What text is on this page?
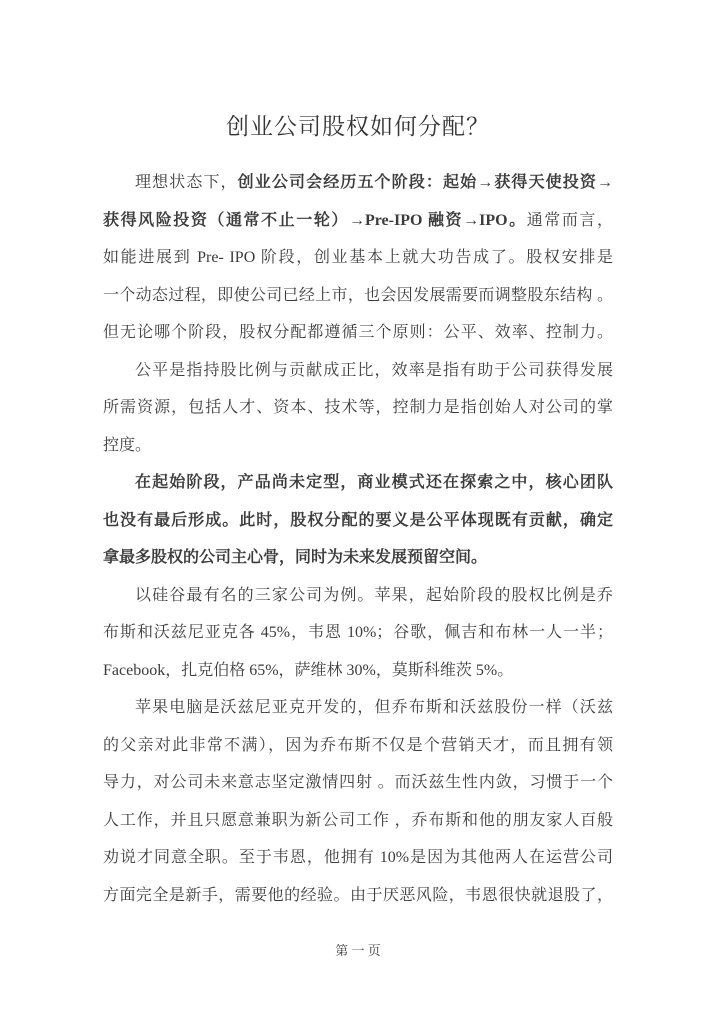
创业公司股权如何分配？
理想状态下，创业公司会经历五个阶段：起始→获得天使投资→
获得风险投资（通常不止一轮）→Pre-IPO 融资→IPO。通常而言，
如能进展到 Pre- IPO 阶段，创业基本上就大功告成了。股权安排是
一个动态过程，即使公司已经上市，也会因发展需要而调整股东结构 。
但无论哪个阶段，股权分配都遵循三个原则：公平、效率、控制力。
公平是指持股比例与贡献成正比，效率是指有助于公司获得发展
所需资源，包括人才、资本、技术等，控制力是指创始人对公司的掌
控度。
在起始阶段，产品尚未定型，商业模式还在探索之中，核心团队
也没有最后形成。此时，股权分配的要义是公平体现既有贡献，确定
拿最多股权的公司主心骨，同时为未来发展预留空间。
以硅谷最有名的三家公司为例。苹果，起始阶段的股权比例是乔
布斯和沃兹尼亚克各 45%，韦恩 10%；谷歌，佩吉和布林一人一半；
Facebook，扎克伯格 65%，萨维林 30%，莫斯科维茨 5%。
苹果电脑是沃兹尼亚克开发的，但乔布斯和沃兹股份一样（沃兹
的父亲对此非常不满），因为乔布斯不仅是个营销天才，而且拥有领
导力，对公司未来意志坚定激情四射 。而沃兹生性内敛，习惯于一个
人工作，并且只愿意兼职为新公司工作 ，乔布斯和他的朋友家人百般
劝说才同意全职。至于韦恩，他拥有 10%是因为其他两人在运营公司
方面完全是新手，需要他的经验。由于厌恶风险，韦恩很快就退股了，
第 一 页
